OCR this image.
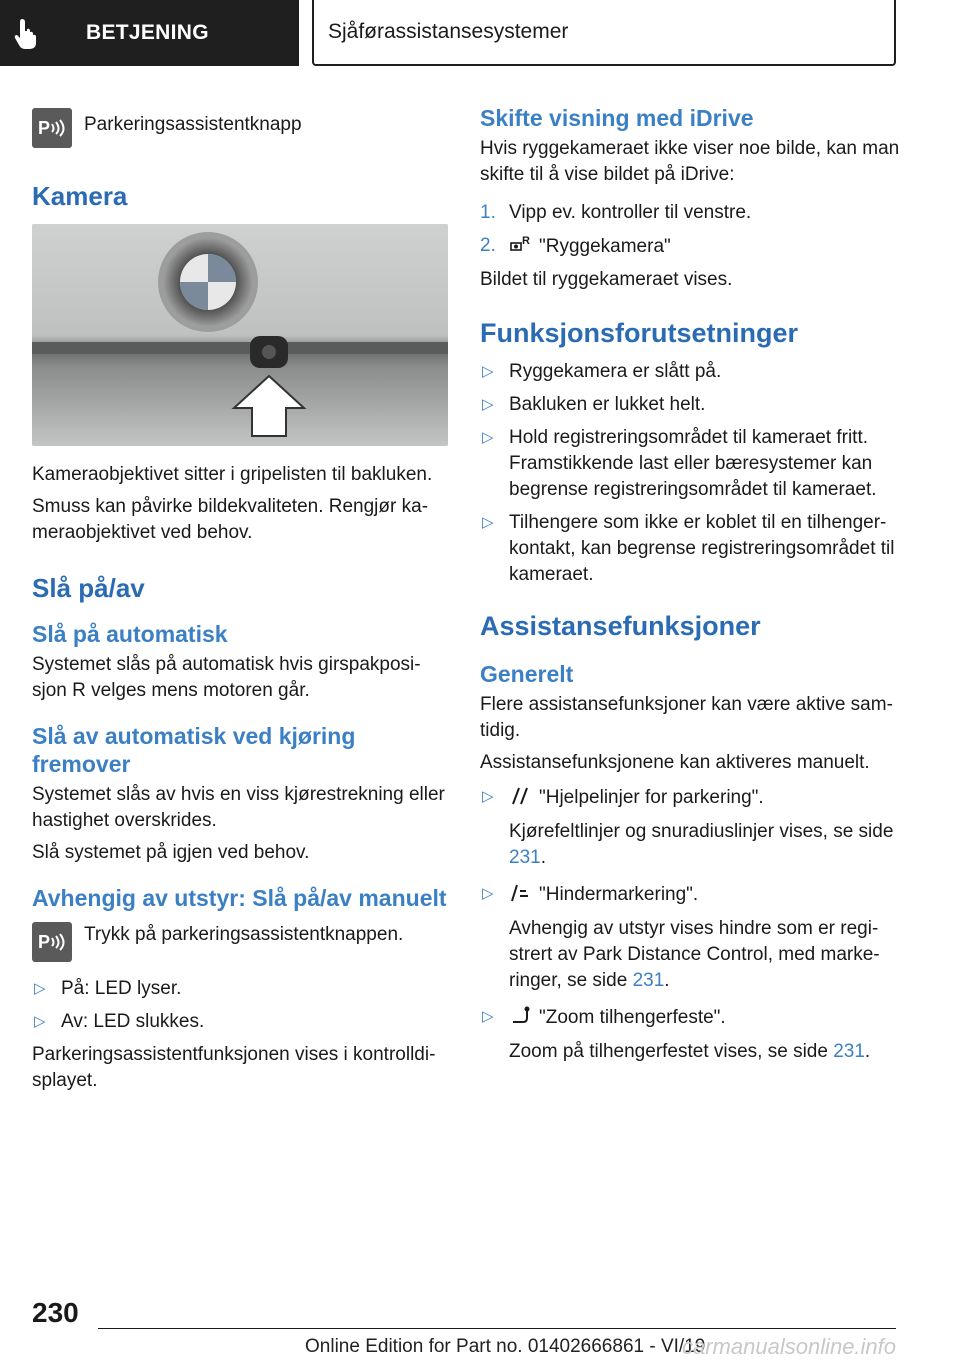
BETJENING	Sjåførassistansesystemer
P Parkeringsassistentknapp
Kamera

Kameraobjektivet sitter i gripelisten til bakluken.

Smuss kan påvirke bildekvaliteten. Rengjør kameraobjektivet ved behov.

Slå på/av
Slå på automatisk

Systemet slås på automatisk hvis girspakposisjon R velges mens motoren går.

Slå av automatisk ved kjøring fremover

Systemet slås av hvis en viss kjørestrekning eller hastighet overskrides.

Slå systemet på igjen ved behov.

Avhengig av utstyr: Slå på/av manuelt
P Trykk på parkeringsassistentknappen.
▷ På: LED lyser.
▷ Av: LED slukkes.

Parkeringsassistentfunksjonen vises i kontrolldisplayet.

Skifte visning med iDrive

Hvis ryggekameraet ikke viser noe bilde, kan man skifte til å vise bildet på iDrive:

1. Vipp ev. kontroller til venstre.
2. R "Ryggekamera"

Bildet til ryggekameraet vises.

Funksjonsforutsetninger
▷ Ryggekamera er slått på.
▷ Bakluken er lukket helt.
▷ Hold registreringsområdet til kameraet fritt. Framstikkende last eller bæresystemer kan begrense registreringsområdet til kameraet.
▷ Tilhengere som ikke er koblet til en tilhengerkontakt, kan begrense registreringsområdet til kameraet.
Assistansefunksjoner
Generelt

Flere assistansefunksjoner kan være aktive samtidig.

Assistansefunksjonene kan aktiveres manuelt.

▷ "Hjelpelinjer for parkering".
Kjørefeltlinjer og snuradiuslinjer vises, se side 231.
▷ "Hindermarkering".
Avhengig av utstyr vises hindre som er registrert av Park Distance Control, med markeringer, se side 231.
▷ "Zoom tilhengerfeste".
Zoom på tilhengerfestet vises, se side 231.
230
Online Edition for Part no. 01402666861 - VI/19
carmanualsonline.info
